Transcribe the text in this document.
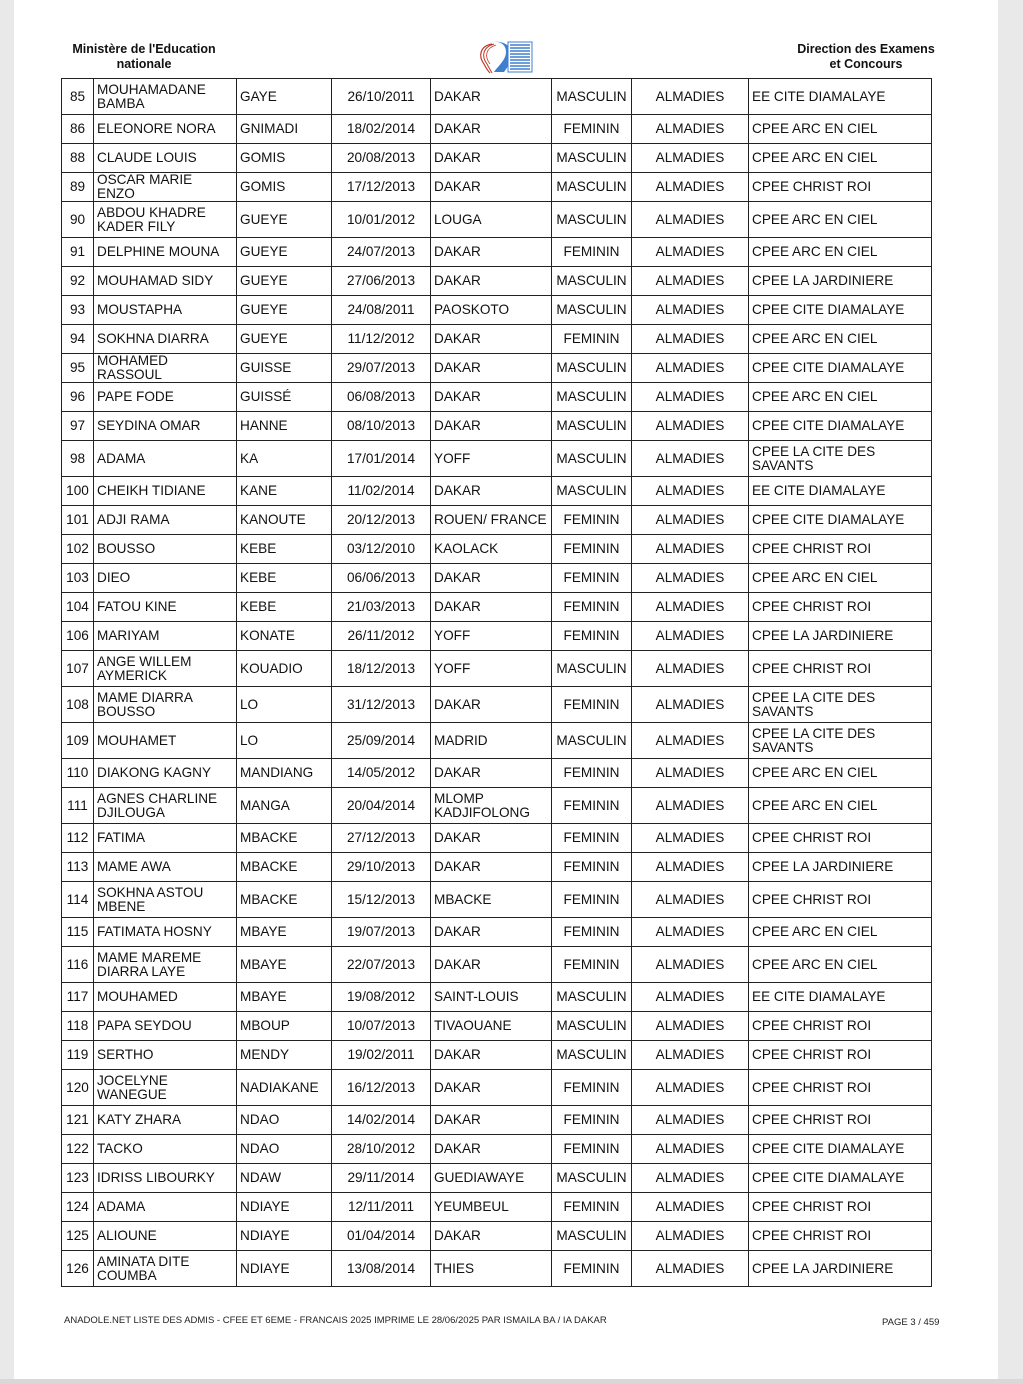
Ministère de l'Education
nationale
Direction des Examens
et Concours
85	MOUHAMADANE BAMBA	GAYE	26/10/2011	DAKAR	MASCULIN	ALMADIES	EE CITE DIAMALAYE
86	ELEONORE NORA	GNIMADI	18/02/2014	DAKAR	FEMININ	ALMADIES	CPEE ARC EN CIEL
88	CLAUDE LOUIS	GOMIS	20/08/2013	DAKAR	MASCULIN	ALMADIES	CPEE ARC EN CIEL
89	OSCAR MARIE ENZO	GOMIS	17/12/2013	DAKAR	MASCULIN	ALMADIES	CPEE CHRIST ROI
90	ABDOU KHADRE KADER FILY	GUEYE	10/01/2012	LOUGA	MASCULIN	ALMADIES	CPEE ARC EN CIEL
91	DELPHINE MOUNA	GUEYE	24/07/2013	DAKAR	FEMININ	ALMADIES	CPEE ARC EN CIEL
92	MOUHAMAD SIDY	GUEYE	27/06/2013	DAKAR	MASCULIN	ALMADIES	CPEE LA JARDINIERE
93	MOUSTAPHA	GUEYE	24/08/2011	PAOSKOTO	MASCULIN	ALMADIES	CPEE CITE DIAMALAYE
94	SOKHNA DIARRA	GUEYE	11/12/2012	DAKAR	FEMININ	ALMADIES	CPEE ARC EN CIEL
95	MOHAMED RASSOUL	GUISSE	29/07/2013	DAKAR	MASCULIN	ALMADIES	CPEE CITE DIAMALAYE
96	PAPE FODE	GUISSÉ	06/08/2013	DAKAR	MASCULIN	ALMADIES	CPEE ARC EN CIEL
97	SEYDINA OMAR	HANNE	08/10/2013	DAKAR	MASCULIN	ALMADIES	CPEE CITE DIAMALAYE
98	ADAMA	KA	17/01/2014	YOFF	MASCULIN	ALMADIES	CPEE LA CITE DES SAVANTS
100	CHEIKH TIDIANE	KANE	11/02/2014	DAKAR	MASCULIN	ALMADIES	EE CITE DIAMALAYE
101	ADJI RAMA	KANOUTE	20/12/2013	ROUEN/ FRANCE	FEMININ	ALMADIES	CPEE CITE DIAMALAYE
102	BOUSSO	KEBE	03/12/2010	KAOLACK	FEMININ	ALMADIES	CPEE CHRIST ROI
103	DIEO	KEBE	06/06/2013	DAKAR	FEMININ	ALMADIES	CPEE ARC EN CIEL
104	FATOU KINE	KEBE	21/03/2013	DAKAR	FEMININ	ALMADIES	CPEE CHRIST ROI
106	MARIYAM	KONATE	26/11/2012	YOFF	FEMININ	ALMADIES	CPEE LA JARDINIERE
107	ANGE WILLEM AYMERICK	KOUADIO	18/12/2013	YOFF	MASCULIN	ALMADIES	CPEE CHRIST ROI
108	MAME DIARRA BOUSSO	LO	31/12/2013	DAKAR	FEMININ	ALMADIES	CPEE LA CITE DES SAVANTS
109	MOUHAMET	LO	25/09/2014	MADRID	MASCULIN	ALMADIES	CPEE LA CITE DES SAVANTS
110	DIAKONG KAGNY	MANDIANG	14/05/2012	DAKAR	FEMININ	ALMADIES	CPEE ARC EN CIEL
111	AGNES CHARLINE DJILOUGA	MANGA	20/04/2014	MLOMP KADJIFOLONG	FEMININ	ALMADIES	CPEE ARC EN CIEL
112	FATIMA	MBACKE	27/12/2013	DAKAR	FEMININ	ALMADIES	CPEE CHRIST ROI
113	MAME AWA	MBACKE	29/10/2013	DAKAR	FEMININ	ALMADIES	CPEE LA JARDINIERE
114	SOKHNA ASTOU MBENE	MBACKE	15/12/2013	MBACKE	FEMININ	ALMADIES	CPEE CHRIST ROI
115	FATIMATA HOSNY	MBAYE	19/07/2013	DAKAR	FEMININ	ALMADIES	CPEE ARC EN CIEL
116	MAME MAREME DIARRA LAYE	MBAYE	22/07/2013	DAKAR	FEMININ	ALMADIES	CPEE ARC EN CIEL
117	MOUHAMED	MBAYE	19/08/2012	SAINT-LOUIS	MASCULIN	ALMADIES	EE CITE DIAMALAYE
118	PAPA SEYDOU	MBOUP	10/07/2013	TIVAOUANE	MASCULIN	ALMADIES	CPEE CHRIST ROI
119	SERTHO	MENDY	19/02/2011	DAKAR	MASCULIN	ALMADIES	CPEE CHRIST ROI
120	JOCELYNE WANEGUE	NADIAKANE	16/12/2013	DAKAR	FEMININ	ALMADIES	CPEE CHRIST ROI
121	KATY ZHARA	NDAO	14/02/2014	DAKAR	FEMININ	ALMADIES	CPEE CHRIST ROI
122	TACKO	NDAO	28/10/2012	DAKAR	FEMININ	ALMADIES	CPEE CITE DIAMALAYE
123	IDRISS LIBOURKY	NDAW	29/11/2014	GUEDIAWAYE	MASCULIN	ALMADIES	CPEE CITE DIAMALAYE
124	ADAMA	NDIAYE	12/11/2011	YEUMBEUL	FEMININ	ALMADIES	CPEE CHRIST ROI
125	ALIOUNE	NDIAYE	01/04/2014	DAKAR	MASCULIN	ALMADIES	CPEE CHRIST ROI
126	AMINATA DITE COUMBA	NDIAYE	13/08/2014	THIES	FEMININ	ALMADIES	CPEE LA JARDINIERE
ANADOLE.NET LISTE DES ADMIS - CFEE ET 6EME - FRANCAIS 2025 IMPRIME LE 28/06/2025 PAR ISMAILA BA / IA DAKAR	PAGE 3 / 459
